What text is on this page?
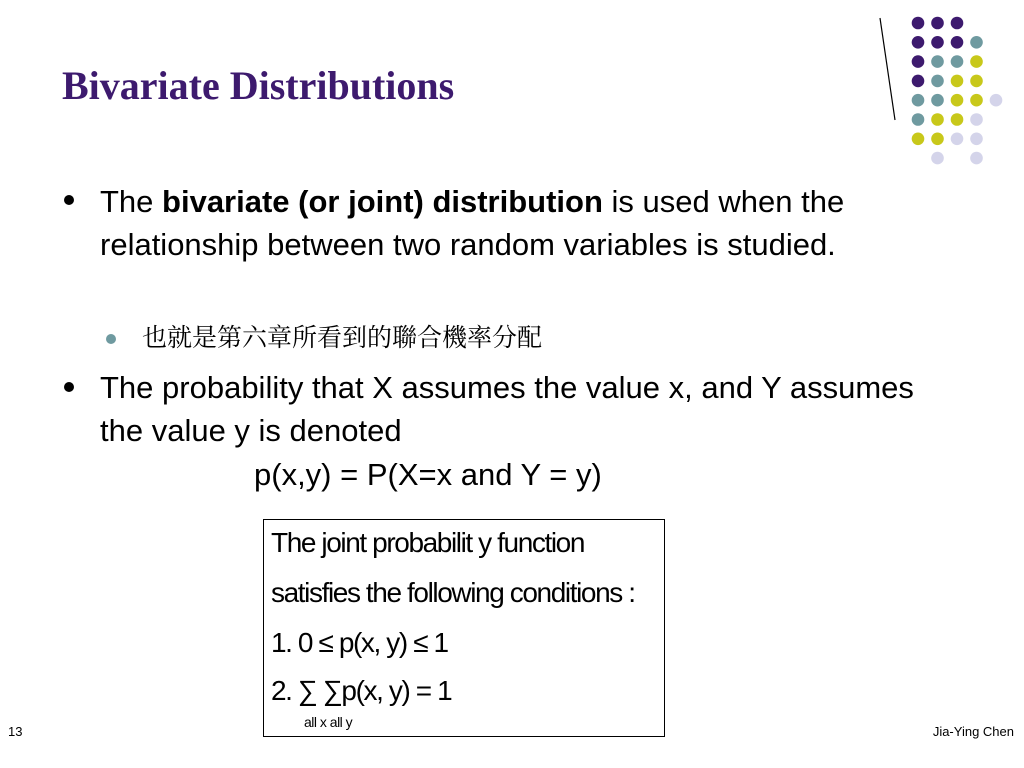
Bivariate Distributions

The bivariate (or joint) distribution is used when the relationship between two random variables is studied.

也就是第六章所看到的聯合機率分配

The probability that X assumes the value x, and Y assumes the value y is denoted

p(x,y) = P(X=x and Y = y)

The joint probabilit y function

satisfies the following conditions :

1. 0 ≤ p(x, y) ≤ 1

2. ∑ ∑p(x, y) = 1

all x all y
13	Jia-Ying Chen
